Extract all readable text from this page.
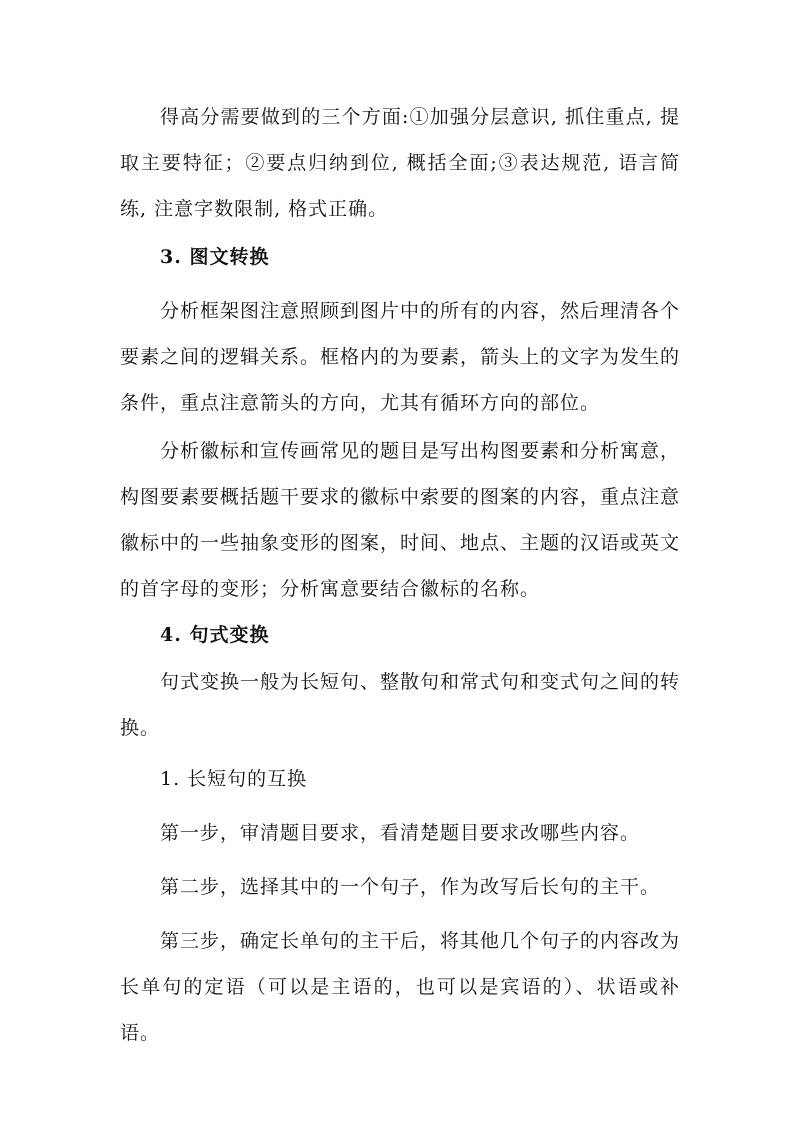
得高分需要做到的三个方面:①加强分层意识, 抓住重点, 提取主要特征；②要点归纳到位, 概括全面;③表达规范, 语言简练, 注意字数限制, 格式正确。

3. 图文转换

分析框架图注意照顾到图片中的所有的内容，然后理清各个要素之间的逻辑关系。框格内的为要素，箭头上的文字为发生的条件，重点注意箭头的方向，尤其有循环方向的部位。

分析徽标和宣传画常见的题目是写出构图要素和分析寓意，构图要素要概括题干要求的徽标中索要的图案的内容，重点注意徽标中的一些抽象变形的图案，时间、地点、主题的汉语或英文的首字母的变形；分析寓意要结合徽标的名称。

4. 句式变换

句式变换一般为长短句、整散句和常式句和变式句之间的转换。

1. 长短句的互换

第一步，审清题目要求，看清楚题目要求改哪些内容。

第二步，选择其中的一个句子，作为改写后长句的主干。

第三步，确定长单句的主干后，将其他几个句子的内容改为长单句的定语（可以是主语的，也可以是宾语的）、状语或补语。
